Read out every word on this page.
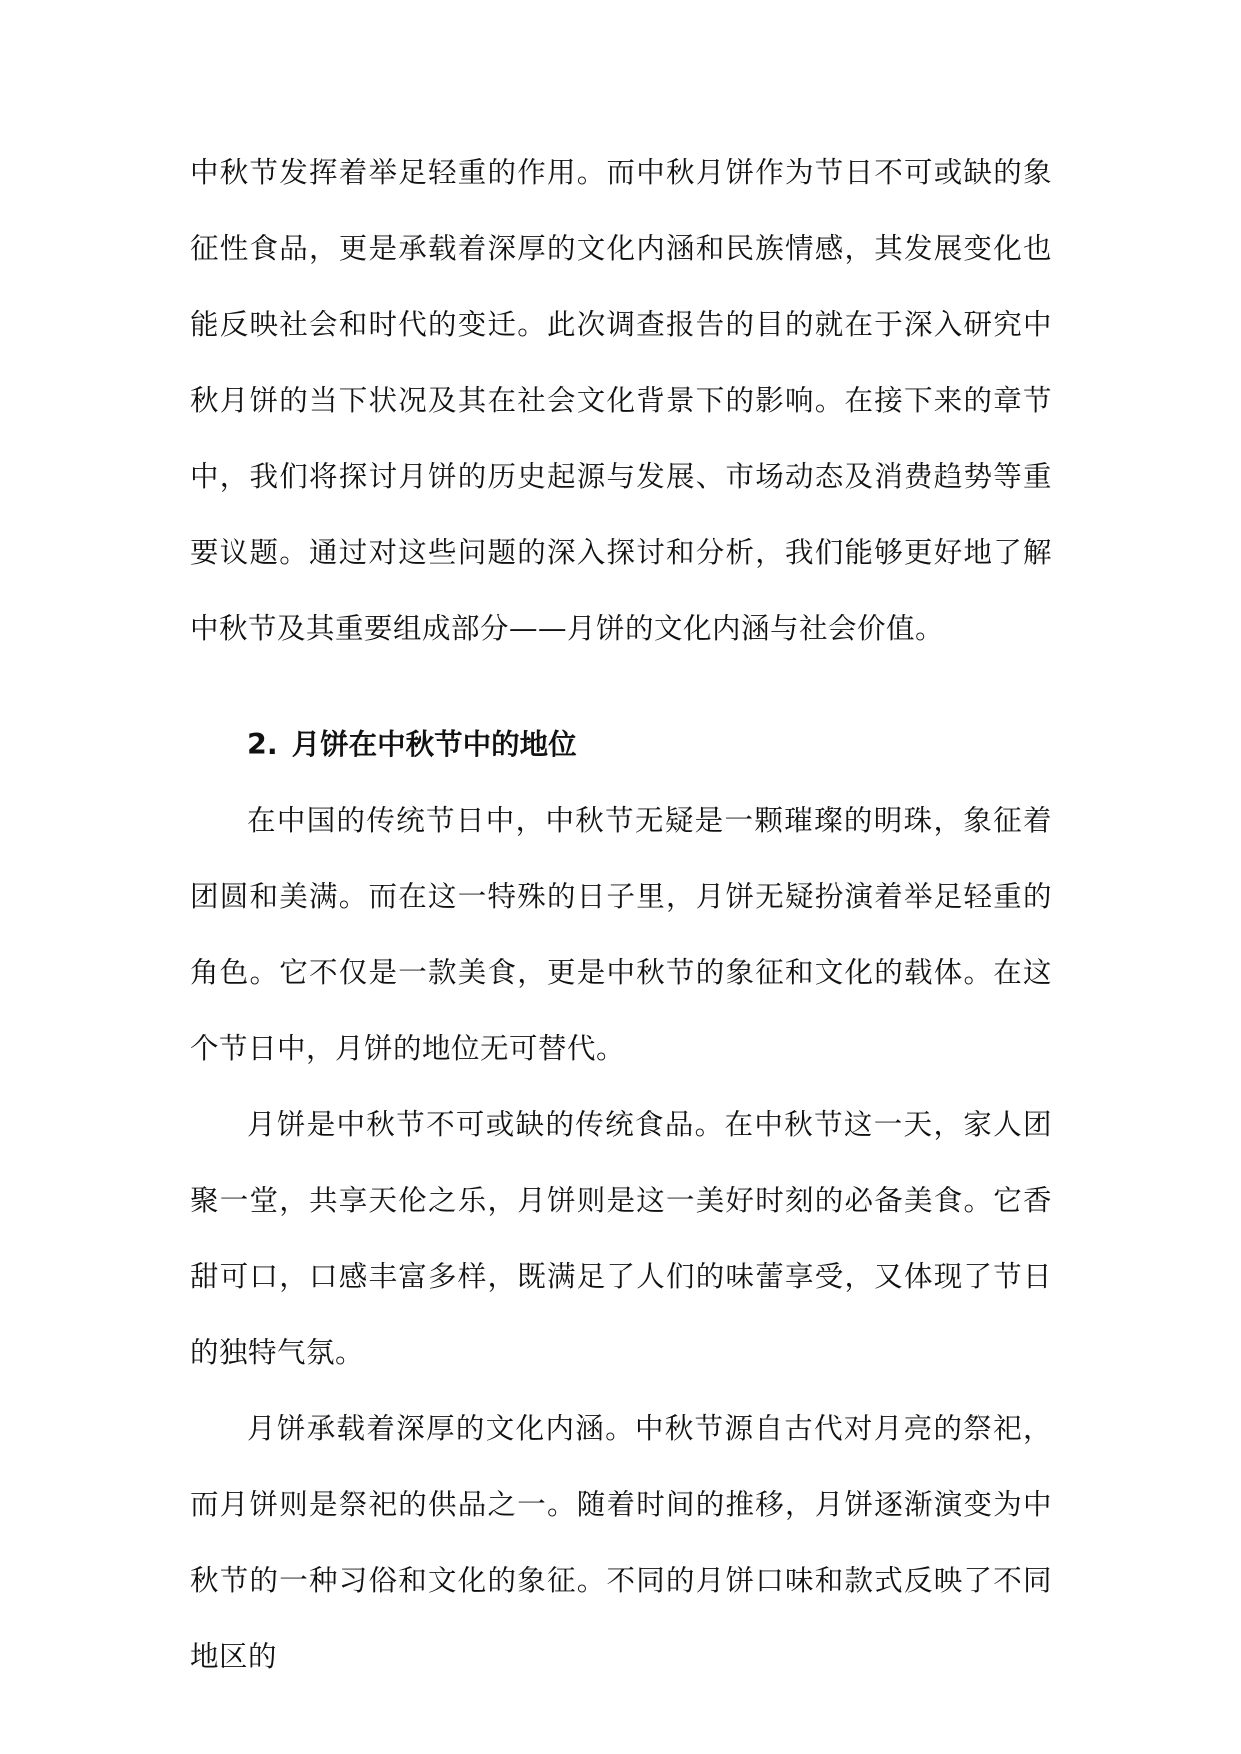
中秋节发挥着举足轻重的作用。而中秋月饼作为节日不可或缺的象征性食品，更是承载着深厚的文化内涵和民族情感，其发展变化也能反映社会和时代的变迁。此次调查报告的目的就在于深入研究中秋月饼的当下状况及其在社会文化背景下的影响。在接下来的章节中，我们将探讨月饼的历史起源与发展、市场动态及消费趋势等重要议题。通过对这些问题的深入探讨和分析，我们能够更好地了解中秋节及其重要组成部分——月饼的文化内涵与社会价值。

2. 月饼在中秋节中的地位

在中国的传统节日中，中秋节无疑是一颗璀璨的明珠，象征着团圆和美满。而在这一特殊的日子里，月饼无疑扮演着举足轻重的角色。它不仅是一款美食，更是中秋节的象征和文化的载体。在这个节日中，月饼的地位无可替代。

月饼是中秋节不可或缺的传统食品。在中秋节这一天，家人团聚一堂，共享天伦之乐，月饼则是这一美好时刻的必备美食。它香甜可口，口感丰富多样，既满足了人们的味蕾享受，又体现了节日的独特气氛。

月饼承载着深厚的文化内涵。中秋节源自古代对月亮的祭祀，而月饼则是祭祀的供品之一。随着时间的推移，月饼逐渐演变为中秋节的一种习俗和文化的象征。不同的月饼口味和款式反映了不同地区的
